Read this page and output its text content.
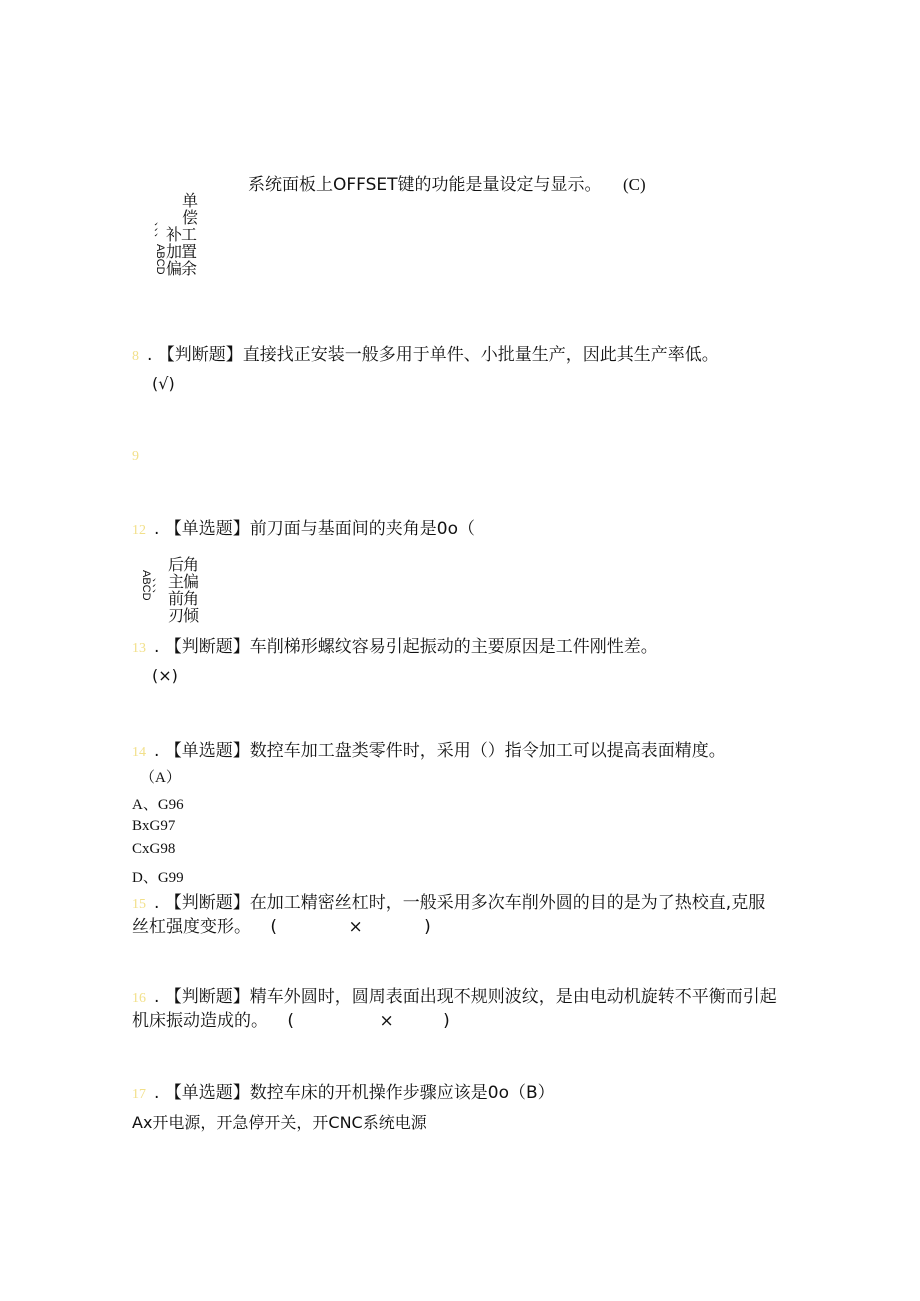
系统面板上OFFSET键的功能是量设定与显示。 (C)
单
偿
补工
加置
偏余
ABCD
、、、
8 . 【判断题】直接找正安装一般多用于单件、小批量生产，因此其生产率低。
(√)
9
12 . 【单选题】前刀面与基面间的夹角是0o（
后角
主偏
前角
刃倾
ABCD 、、、
13 . 【判断题】车削梯形螺纹容易引起振动的主要原因是工件刚性差。
(×)
14 . 【单选题】数控车加工盘类零件时，采用（）指令加工可以提高表面精度。
（A）
A、G96
BxG97
CxG98
D、G99
15 . 【判断题】在加工精密丝杠时，一般采用多次车削外圆的目的是为了热校直,克服
丝杠强度变形。 (	×	)
16 . 【判断题】精车外圆时，圆周表面出现不规则波纹，是由电动机旋转不平衡而引起
机床振动造成的。 (	×	)
17 . 【单选题】数控车床的开机操作步骤应该是0o（B）
Ax开电源，开急停开关，开CNC系统电源
